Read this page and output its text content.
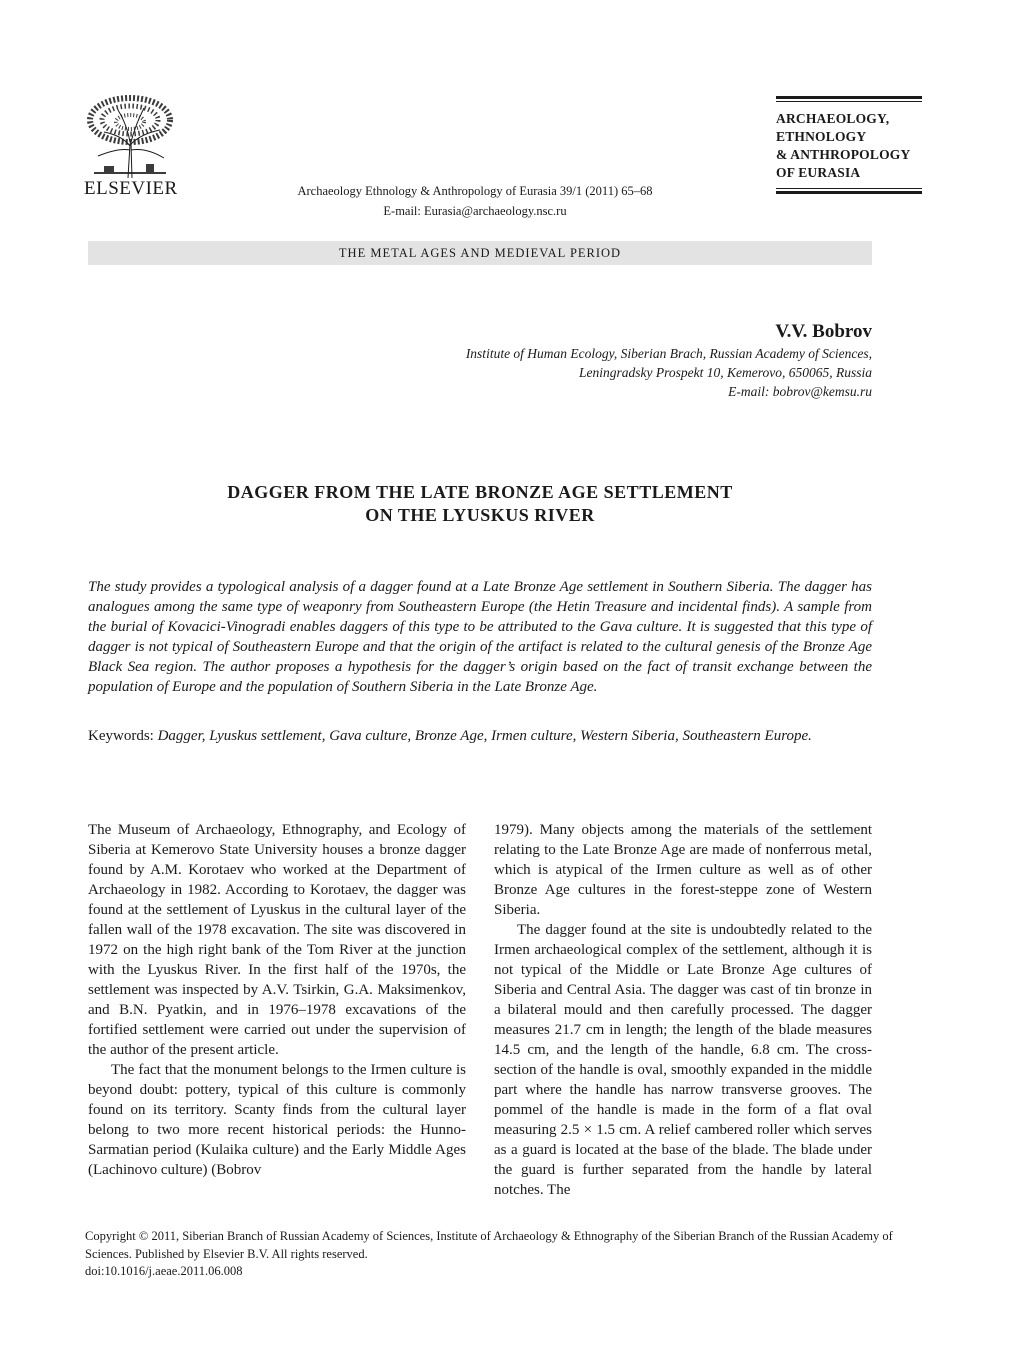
ELSEVIER	Archaeology Ethnology & Anthropology of Eurasia 39/1 (2011) 65–68
E-mail: Eurasia@archaeology.nsc.ru
ARCHAEOLOGY,
ETHNOLOGY
& ANTHROPOLOGY
OF EURASIA
THE METAL AGES AND MEDIEVAL PERIOD
V.V. Bobrov
Institute of Human Ecology, Siberian Brach, Russian Academy of Sciences,
Leningradsky Prospekt 10, Kemerovo, 650065, Russia
E-mail: bobrov@kemsu.ru
DAGGER FROM THE LATE BRONZE AGE SETTLEMENT
ON THE LYUSKUS RIVER
The study provides a typological analysis of a dagger found at a Late Bronze Age settlement in Southern Siberia. The dagger has analogues among the same type of weaponry from Southeastern Europe (the Hetin Treasure and incidental finds). A sample from the burial of Kovacici-Vinogradi enables daggers of this type to be attributed to the Gava culture. It is suggested that this type of dagger is not typical of Southeastern Europe and that the origin of the artifact is related to the cultural genesis of the Bronze Age Black Sea region. The author proposes a hypothesis for the dagger’s origin based on the fact of transit exchange between the population of Europe and the population of Southern Siberia in the Late Bronze Age.
Keywords: Dagger, Lyuskus settlement, Gava culture, Bronze Age, Irmen culture, Western Siberia, Southeastern Europe.

The Museum of Archaeology, Ethnography, and Ecology of Siberia at Kemerovo State University houses a bronze dagger found by A.M. Korotaev who worked at the Department of Archaeology in 1982. According to Korotaev, the dagger was found at the settlement of Lyuskus in the cultural layer of the fallen wall of the 1978 excavation. The site was discovered in 1972 on the high right bank of the Tom River at the junction with the Lyuskus River. In the first half of the 1970s, the settlement was inspected by A.V. Tsirkin, G.A. Maksimenkov, and B.N. Pyatkin, and in 1976–1978 excavations of the fortified settlement were carried out under the supervision of the author of the present article.

The fact that the monument belongs to the Irmen culture is beyond doubt: pottery, typical of this culture is commonly found on its territory. Scanty finds from the cultural layer belong to two more recent historical periods: the Hunno-Sarmatian period (Kulaika culture) and the Early Middle Ages (Lachinovo culture) (Bobrov

1979). Many objects among the materials of the settlement relating to the Late Bronze Age are made of nonferrous metal, which is atypical of the Irmen culture as well as of other Bronze Age cultures in the forest-steppe zone of Western Siberia.

The dagger found at the site is undoubtedly related to the Irmen archaeological complex of the settlement, although it is not typical of the Middle or Late Bronze Age cultures of Siberia and Central Asia. The dagger was cast of tin bronze in a bilateral mould and then carefully processed. The dagger measures 21.7 cm in length; the length of the blade measures 14.5 cm, and the length of the handle, 6.8 cm. The cross-section of the handle is oval, smoothly expanded in the middle part where the handle has narrow transverse grooves. The pommel of the handle is made in the form of a flat oval measuring 2.5 × 1.5 cm. A relief cambered roller which serves as a guard is located at the base of the blade. The blade under the guard is further separated from the handle by lateral notches. The

Copyright © 2011, Siberian Branch of Russian Academy of Sciences, Institute of Archaeology & Ethnography of the Siberian Branch of the Russian Academy of Sciences. Published by Elsevier B.V. All rights reserved.
doi:10.1016/j.aeae.2011.06.008
